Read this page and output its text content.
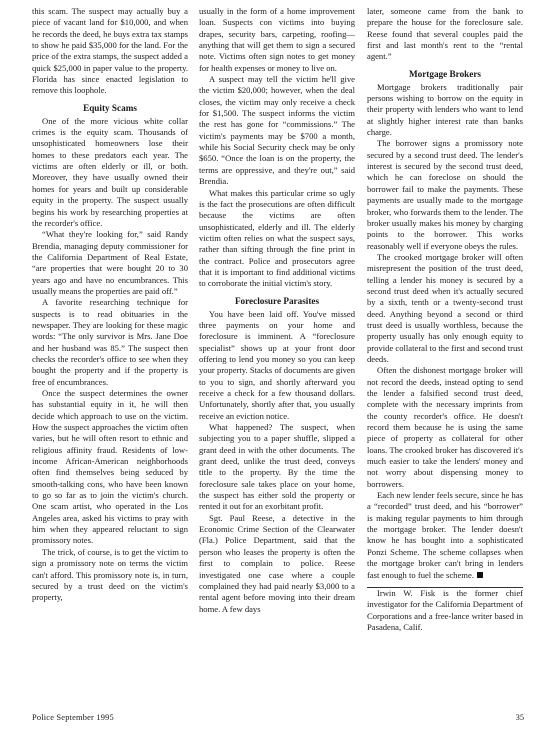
this scam. The suspect may actually buy a piece of vacant land for $10,000, and when he records the deed, he buys extra tax stamps to show he paid $35,000 for the land. For the price of the extra stamps, the suspect added a quick $25,000 in paper value to the property. Florida has since enacted legislation to remove this loophole.

Equity Scams

One of the more vicious white collar crimes is the equity scam. Thousands of unsophisticated homeowners lose their homes to these predators each year. The victims are often elderly or ill, or both. Moreover, they have usually owned their homes for years and built up considerable equity in the property. The suspect usually begins his work by researching properties at the recorder's office.

“What they're looking for,” said Randy Brendia, managing deputy commissioner for the California Department of Real Estate, “are properties that were bought 20 to 30 years ago and have no encumbrances. This usually means the properties are paid off.”

A favorite researching technique for suspects is to read obituaries in the newspaper. They are looking for these magic words: “The only survivor is Mrs. Jane Doe and her husband was 85.” The suspect then checks the recorder's office to see when they bought the property and if the property is free of encumbrances.

Once the suspect determines the owner has substantial equity in it, he will then decide which approach to use on the victim. How the suspect approaches the victim often varies, but he will often resort to ethnic and religious affinity fraud. Residents of low-income African-American neighborhoods often find themselves being seduced by smooth-talking cons, who have been known to go so far as to join the victim's church. One scam artist, who operated in the Los Angeles area, asked his victims to pray with him when they appeared reluctant to sign promissory notes.

The trick, of course, is to get the victim to sign a promissory note on terms the victim can't afford. This promissory note is, in turn, secured by a trust deed on the victim's property,

usually in the form of a home improvement loan. Suspects con victims into buying drapes, security bars, carpeting, roofing—anything that will get them to sign a secured note. Victims often sign notes to get money for health expenses or money to live on.

A suspect may tell the victim he'll give the victim $20,000; however, when the deal closes, the victim may only receive a check for $1,500. The suspect informs the victim the rest has gone for “commissions.” The victim's payments may be $700 a month, while his Social Security check may be only $650. “Once the loan is on the property, the terms are oppressive, and they're out,” said Brendia.

What makes this particular crime so ugly is the fact the prosecutions are often difficult because the victims are often unsophisticated, elderly and ill. The elderly victim often relies on what the suspect says, rather than sifting through the fine print in the contract. Police and prosecutors agree that it is important to find additional victims to corroborate the initial victim's story.

Foreclosure Parasites

You have been laid off. You've missed three payments on your home and foreclosure is imminent. A “foreclosure specialist” shows up at your front door offering to lend you money so you can keep your property. Stacks of documents are given to you to sign, and shortly afterward you receive a check for a few thousand dollars. Unfortunately, shortly after that, you usually receive an eviction notice.

What happened? The suspect, when subjecting you to a paper shuffle, slipped a grant deed in with the other documents. The grant deed, unlike the trust deed, conveys title to the property. By the time the foreclosure sale takes place on your home, the suspect has either sold the property or rented it out for an exorbitant profit.

Sgt. Paul Reese, a detective in the Economic Crime Section of the Clearwater (Fla.) Police Department, said that the person who leases the property is often the first to complain to police. Reese investigated one case where a couple complained they had paid nearly $3,000 to a rental agent before moving into their dream home. A few days

later, someone came from the bank to prepare the house for the foreclosure sale. Reese found that several couples paid the first and last month's rent to the “rental agent.”

Mortgage Brokers

Mortgage brokers traditionally pair persons wishing to borrow on the equity in their property with lenders who want to lend at slightly higher interest rate than banks charge.

The borrower signs a promissory note secured by a second trust deed. The lender's interest is secured by the second trust deed, which he can foreclose on should the borrower fail to make the payments. These payments are usually made to the mortgage broker, who forwards them to the lender. The broker usually makes his money by charging points to the borrower. This works reasonably well if everyone obeys the rules.

The crooked mortgage broker will often misrepresent the position of the trust deed, telling a lender his money is secured by a second trust deed when it's actually secured by a sixth, tenth or a twenty-second trust deed. Anything beyond a second or third trust deed is usually worthless, because the property usually has only enough equity to provide collateral to the first and second trust deeds.

Often the dishonest mortgage broker will not record the deeds, instead opting to send the lender a falsified second trust deed, complete with the necessary imprints from the county recorder's office. He doesn't record them because he is using the same piece of property as collateral for other loans. The crooked broker has discovered it's much easier to take the lenders' money and not worry about dispensing money to borrowers.

Each new lender feels secure, since he has a “recorded” trust deed, and his “borrower” is making regular payments to him through the mortgage broker. The lender doesn't know he has bought into a sophisticated Ponzi Scheme. The scheme collapses when the mortgage broker can't bring in lenders fast enough to fuel the scheme.

Irwin W. Fisk is the former chief investigator for the California Department of Corporations and a free-lance writer based in Pasadena, Calif.

Police September 1995	35
